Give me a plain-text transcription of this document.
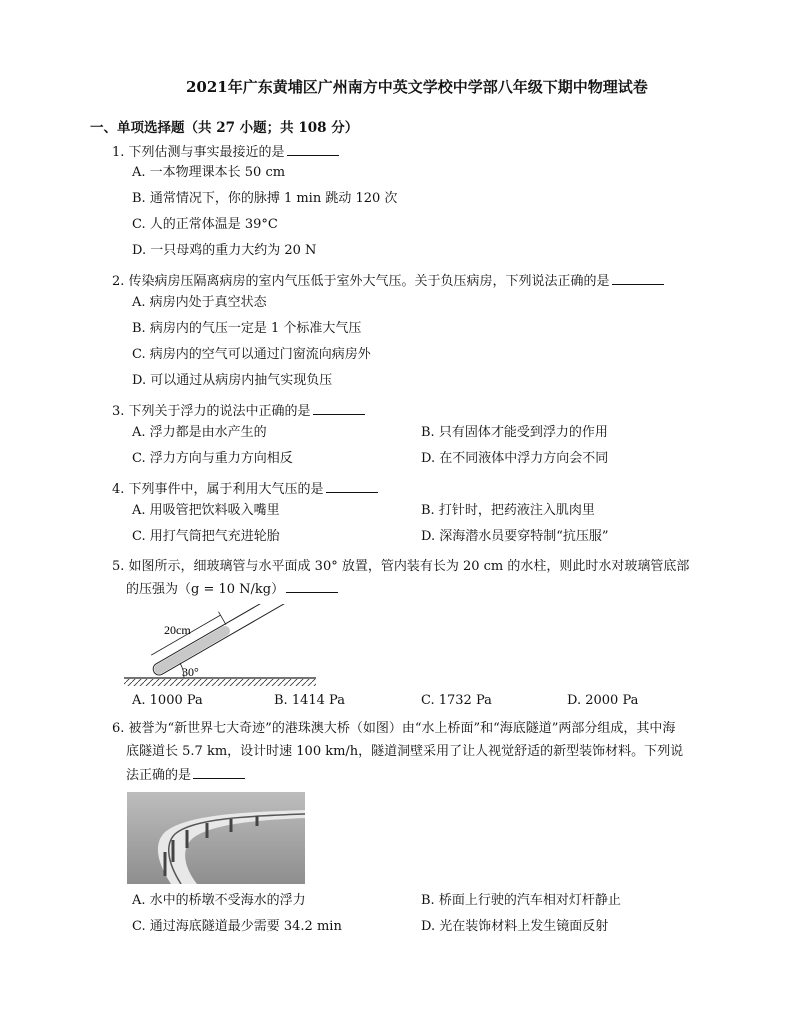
2021年广东黄埔区广州南方中英文学校中学部八年级下期中物理试卷
一、单项选择题（共 27 小题；共 108 分）
1. 下列估测与事实最接近的是
A. 一本物理课本长 50 cm
B. 通常情况下，你的脉搏 1 min 跳动 120 次
C. 人的正常体温是 39°C
D. 一只母鸡的重力大约为 20 N
2. 传染病房压隔离病房的室内气压低于室外大气压。关于负压病房，下列说法正确的是
A. 病房内处于真空状态
B. 病房内的气压一定是 1 个标准大气压
C. 病房内的空气可以通过门窗流向病房外
D. 可以通过从病房内抽气实现负压
3. 下列关于浮力的说法中正确的是
A. 浮力都是由水产生的	B. 只有固体才能受到浮力的作用
C. 浮力方向与重力方向相反	D. 在不同液体中浮力方向会不同
4. 下列事件中，属于利用大气压的是
A. 用吸管把饮料吸入嘴里	B. 打针时，把药液注入肌肉里
C. 用打气筒把气充进轮胎	D. 深海潜水员要穿特制“抗压服”
5. 如图所示，细玻璃管与水平面成 30° 放置，管内装有长为 20 cm 的水柱，则此时水对玻璃管底部
的压强为（g = 10 N/kg）
20cm
30°
A. 1000 Pa	B. 1414 Pa	C. 1732 Pa	D. 2000 Pa
6. 被誉为“新世界七大奇迹”的港珠澳大桥（如图）由“水上桥面”和“海底隧道”两部分组成，其中海
底隧道长 5.7 km，设计时速 100 km/h，隧道洞壁采用了让人视觉舒适的新型装饰材料。下列说
法正确的是
A. 水中的桥墩不受海水的浮力	B. 桥面上行驶的汽车相对灯杆静止
C. 通过海底隧道最少需要 34.2 min	D. 光在装饰材料上发生镜面反射
